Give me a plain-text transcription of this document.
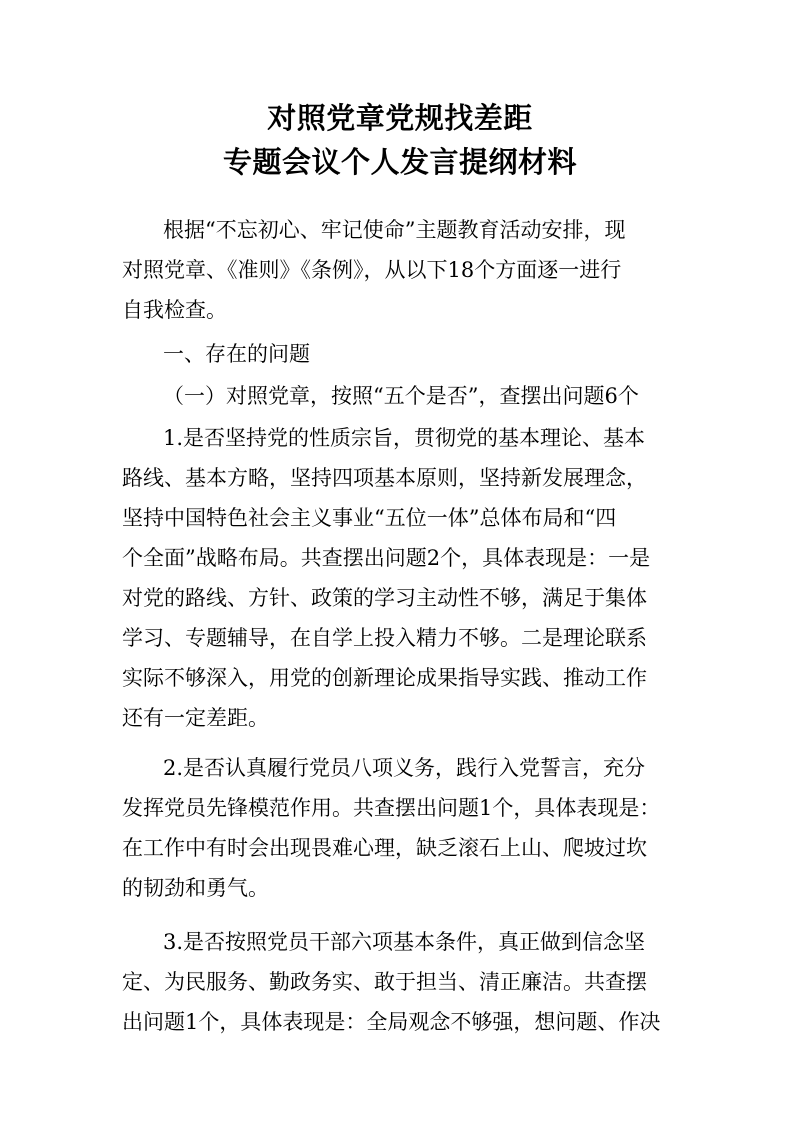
对照党章党规找差距
专题会议个人发言提纲材料
根据“不忘初心、牢记使命”主题教育活动安排，现
对照党章、《准则》《条例》，从以下18个方面逐一进行
自我检查。
一、存在的问题
（一）对照党章，按照“五个是否”，查摆出问题6个
1.是否坚持党的性质宗旨，贯彻党的基本理论、基本
路线、基本方略，坚持四项基本原则，坚持新发展理念，
坚持中国特色社会主义事业“五位一体”总体布局和“四
个全面”战略布局。共查摆出问题2个，具体表现是：一是
对党的路线、方针、政策的学习主动性不够，满足于集体
学习、专题辅导，在自学上投入精力不够。二是理论联系
实际不够深入，用党的创新理论成果指导实践、推动工作
还有一定差距。
2.是否认真履行党员八项义务，践行入党誓言，充分
发挥党员先锋模范作用。共查摆出问题1个，具体表现是：
在工作中有时会出现畏难心理，缺乏滚石上山、爬坡过坎
的韧劲和勇气。
3.是否按照党员干部六项基本条件，真正做到信念坚
定、为民服务、勤政务实、敢于担当、清正廉洁。共查摆
出问题1个，具体表现是：全局观念不够强，想问题、作决
